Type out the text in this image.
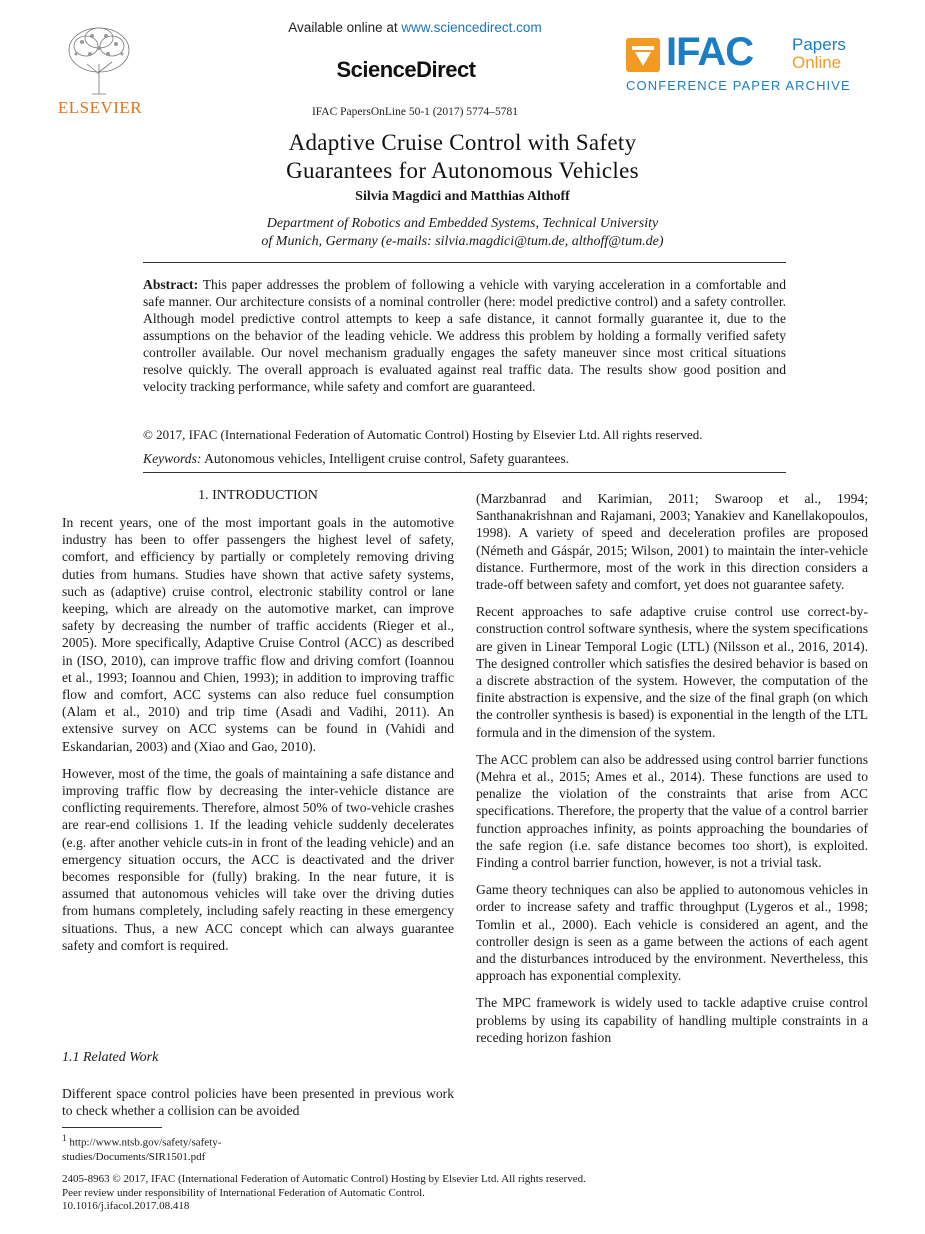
ELSEVIER
Available online at www.sciencedirect.com
ScienceDirect
IFAC PapersOnLine 50-1 (2017) 5774–5781
IFAC Papers
Online
CONFERENCE PAPER ARCHIVE
Adaptive Cruise Control with Safety
Guarantees for Autonomous Vehicles
Silvia Magdici and Matthias Althoff
Department of Robotics and Embedded Systems, Technical University
of Munich, Germany (e-mails: silvia.magdici@tum.de, althoff@tum.de)
Abstract: This paper addresses the problem of following a vehicle with varying acceleration in a comfortable and safe manner. Our architecture consists of a nominal controller (here: model predictive control) and a safety controller. Although model predictive control attempts to keep a safe distance, it cannot formally guarantee it, due to the assumptions on the behavior of the leading vehicle. We address this problem by holding a formally verified safety controller available. Our novel mechanism gradually engages the safety maneuver since most critical situations resolve quickly. The overall approach is evaluated against real traffic data. The results show good position and velocity tracking performance, while safety and comfort are guaranteed.
© 2017, IFAC (International Federation of Automatic Control) Hosting by Elsevier Ltd. All rights reserved.
Keywords: Autonomous vehicles, Intelligent cruise control, Safety guarantees.
1. INTRODUCTION

In recent years, one of the most important goals in the automotive industry has been to offer passengers the highest level of safety, comfort, and efficiency by partially or completely removing driving duties from humans. Studies have shown that active safety systems, such as (adaptive) cruise control, electronic stability control or lane keeping, which are already on the automotive market, can improve safety by decreasing the number of traffic accidents (Rieger et al., 2005). More specifically, Adaptive Cruise Control (ACC) as described in (ISO, 2010), can improve traffic flow and driving comfort (Ioannou et al., 1993; Ioannou and Chien, 1993); in addition to improving traffic flow and comfort, ACC systems can also reduce fuel consumption (Alam et al., 2010) and trip time (Asadi and Vadihi, 2011). An extensive survey on ACC systems can be found in (Vahidi and Eskandarian, 2003) and (Xiao and Gao, 2010).

However, most of the time, the goals of maintaining a safe distance and improving traffic flow by decreasing the inter-vehicle distance are conflicting requirements. Therefore, almost 50% of two-vehicle crashes are rear-end collisions 1. If the leading vehicle suddenly decelerates (e.g. after another vehicle cuts-in in front of the leading vehicle) and an emergency situation occurs, the ACC is deactivated and the driver becomes responsible for (fully) braking. In the near future, it is assumed that autonomous vehicles will take over the driving duties from humans completely, including safely reacting in these emergency situations. Thus, a new ACC concept which can always guarantee safety and comfort is required.

1.1 Related Work

Different space control policies have been presented in previous work to check whether a collision can be avoided

$^1$ http://www.ntsb.gov/safety/safety-studies/Documents/SIR1501.pdf

(Marzbanrad and Karimian, 2011; Swaroop et al., 1994; Santhanakrishnan and Rajamani, 2003; Yanakiev and Kanellakopoulos, 1998). A variety of speed and deceleration profiles are proposed (Németh and Gáspár, 2015; Wilson, 2001) to maintain the inter-vehicle distance. Furthermore, most of the work in this direction considers a trade-off between safety and comfort, yet does not guarantee safety.

Recent approaches to safe adaptive cruise control use correct-by-construction control software synthesis, where the system specifications are given in Linear Temporal Logic (LTL) (Nilsson et al., 2016, 2014). The designed controller which satisfies the desired behavior is based on a discrete abstraction of the system. However, the computation of the finite abstraction is expensive, and the size of the final graph (on which the controller synthesis is based) is exponential in the length of the LTL formula and in the dimension of the system.

The ACC problem can also be addressed using control barrier functions (Mehra et al., 2015; Ames et al., 2014). These functions are used to penalize the violation of the constraints that arise from ACC specifications. Therefore, the property that the value of a control barrier function approaches infinity, as points approaching the boundaries of the safe region (i.e. safe distance becomes too short), is exploited. Finding a control barrier function, however, is not a trivial task.

Game theory techniques can also be applied to autonomous vehicles in order to increase safety and traffic throughput (Lygeros et al., 1998; Tomlin et al., 2000). Each vehicle is considered an agent, and the controller design is seen as a game between the actions of each agent and the disturbances introduced by the environment. Nevertheless, this approach has exponential complexity.

The MPC framework is widely used to tackle adaptive cruise control problems by using its capability of handling multiple constraints in a receding horizon fashion

2405-8963 © 2017, IFAC (International Federation of Automatic Control) Hosting by Elsevier Ltd. All rights reserved.
Peer review under responsibility of International Federation of Automatic Control.
10.1016/j.ifacol.2017.08.418
